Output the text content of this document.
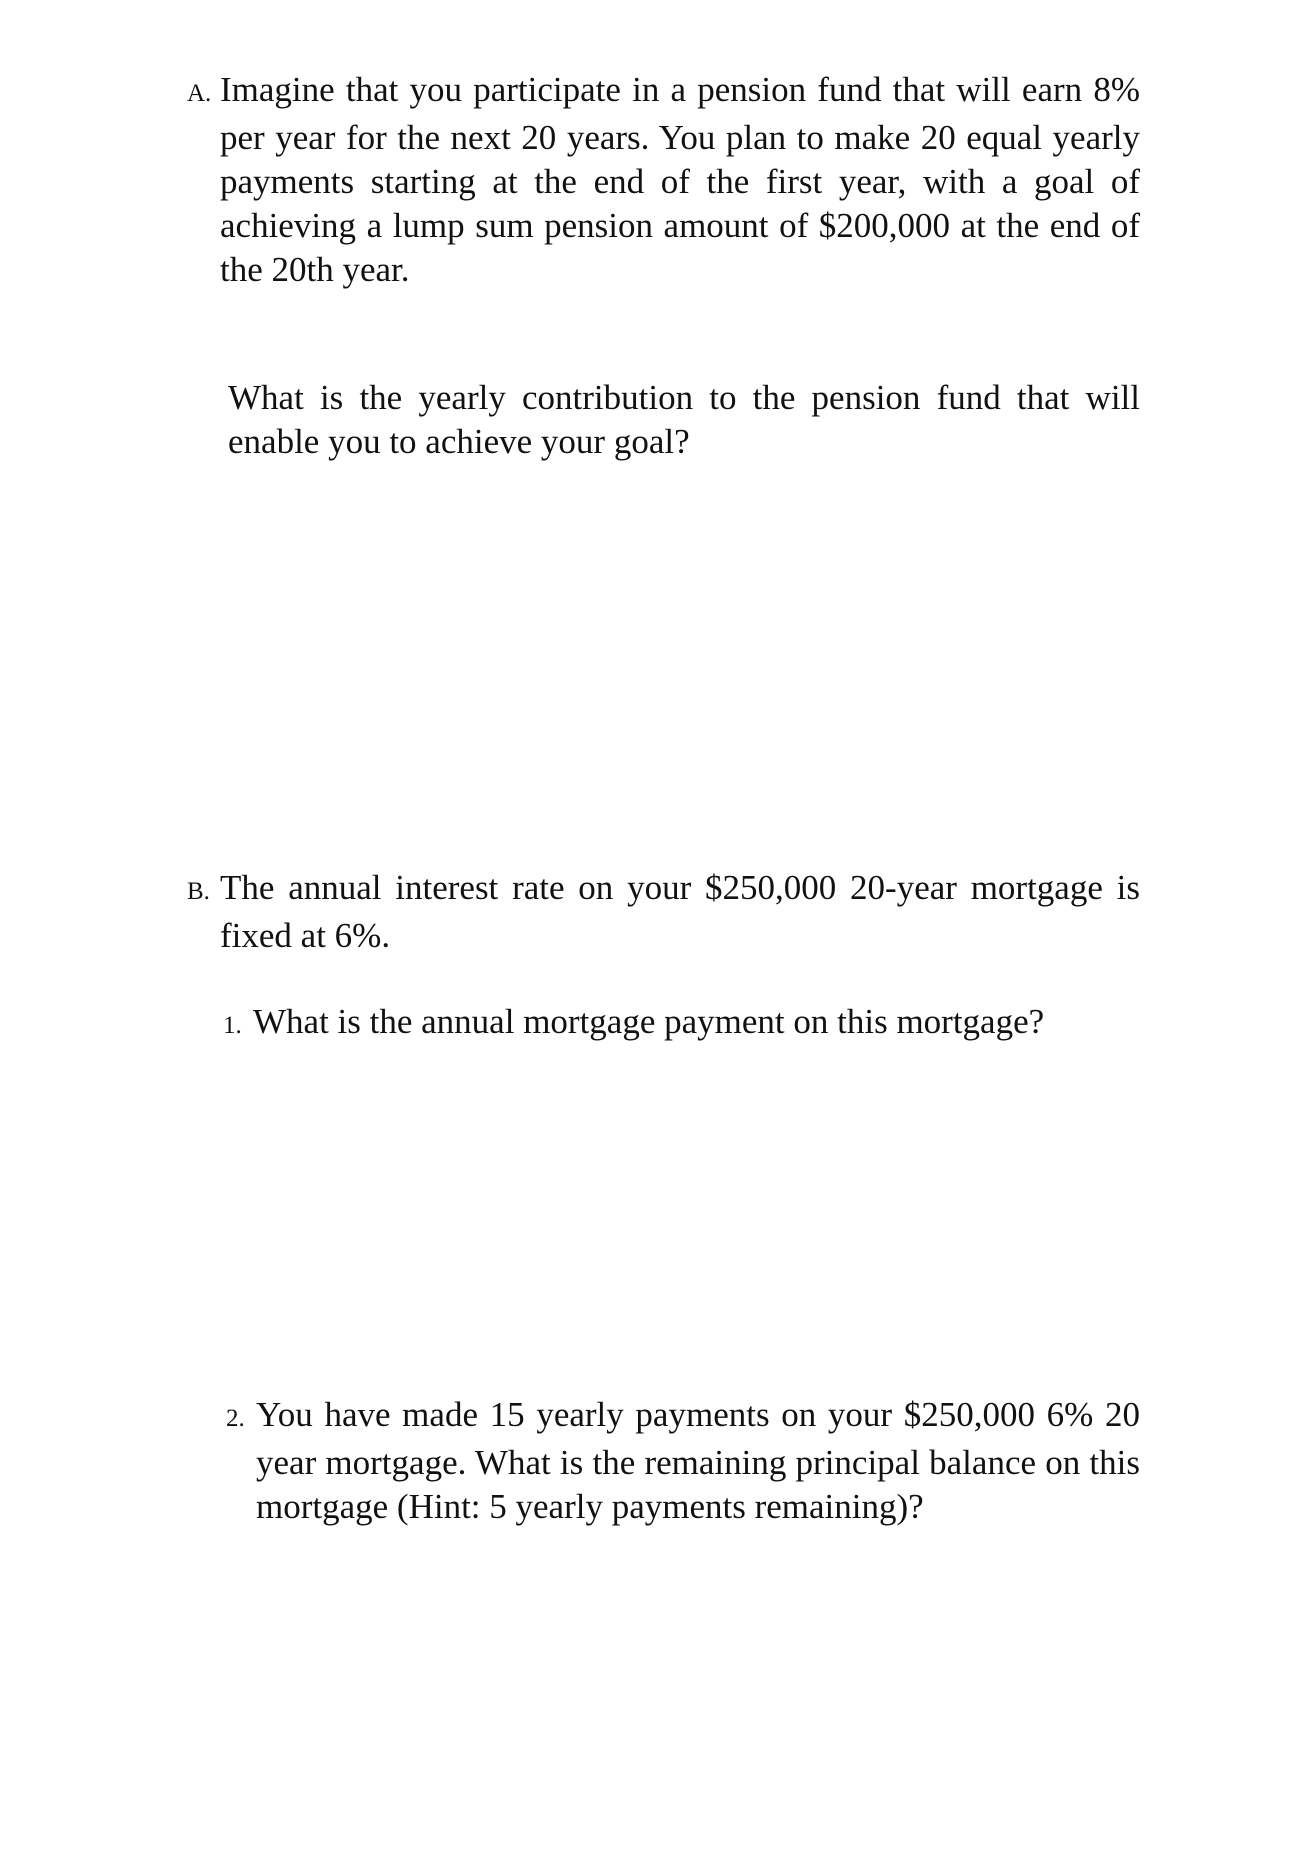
A. Imagine that you participate in a pension fund that will earn 8% per year for the next 20 years. You plan to make 20 equal yearly payments starting at the end of the first year, with a goal of achieving a lump sum pension amount of $200,000 at the end of the 20th year.
What is the yearly contribution to the pension fund that will enable you to achieve your goal?
B. The annual interest rate on your $250,000 20-year mortgage is fixed at 6%.
1. What is the annual mortgage payment on this mortgage?
2. You have made 15 yearly payments on your $250,000 6% 20 year mortgage. What is the remaining principal balance on this mortgage (Hint: 5 yearly payments remaining)?
